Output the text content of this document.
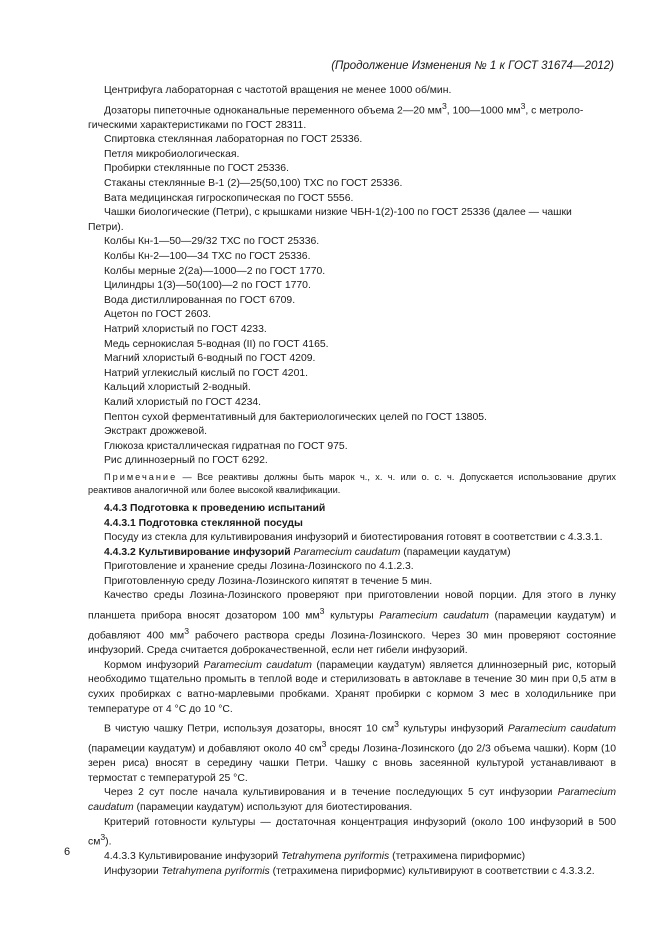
(Продолжение Изменения № 1 к ГОСТ 31674—2012)
Центрифуга лабораторная с частотой вращения не менее 1000 об/мин.
Дозаторы пипеточные одноканальные переменного объема 2—20 $мм^3$, 100—1000 $мм^3$, с метроло-
гическими характеристиками по ГОСТ 28311.
Спиртовка стеклянная лабораторная по ГОСТ 25336.
Петля микробиологическая.
Пробирки стеклянные по ГОСТ 25336.
Стаканы стеклянные В-1 (2)—25(50,100) ТХС по ГОСТ 25336.
Вата медицинская гигроскопическая по ГОСТ 5556.
Чашки биологические (Петри), с крышками низкие ЧБН-1(2)-100 по ГОСТ 25336 (далее — чашки
Петри).
Колбы Кн-1—50—29/32 ТХС по ГОСТ 25336.
Колбы Кн-2—100—34 ТХС по ГОСТ 25336.
Колбы мерные 2(2а)—1000—2 по ГОСТ 1770.
Цилиндры 1(3)—50(100)—2 по ГОСТ 1770.
Вода дистиллированная по ГОСТ 6709.
Ацетон по ГОСТ 2603.
Натрий хлористый по ГОСТ 4233.
Медь сернокислая 5-водная (II) по ГОСТ 4165.
Магний хлористый 6-водный по ГОСТ 4209.
Натрий углекислый кислый по ГОСТ 4201.
Кальций хлористый 2-водный.
Калий хлористый по ГОСТ 4234.
Пептон сухой ферментативный для бактериологических целей по ГОСТ 13805.
Экстракт дрожжевой.
Глюкоза кристаллическая гидратная по ГОСТ 975.
Рис длиннозерный по ГОСТ 6292.
Примечание — Все реактивы должны быть марок ч., х. ч. или о. с. ч. Допускается использование других реактивов аналогичной или более высокой квалификации.
4.4.3 Подготовка к проведению испытаний
4.4.3.1 Подготовка стеклянной посуды
Посуду из стекла для культивирования инфузорий и биотестирования готовят в соответствии с 4.3.3.1.
4.4.3.2 Культивирование инфузорий Paramecium caudatum (парамеции каудатум)
Приготовление и хранение среды Лозина-Лозинского по 4.1.2.3.
Приготовленную среду Лозина-Лозинского кипятят в течение 5 мин.
Качество среды Лозина-Лозинского проверяют при приготовлении новой порции. Для этого в лунку планшета прибора вносят дозатором 100 $мм^3$ культуры Paramecium caudatum (парамеции каудатум) и добавляют 400 $мм^3$ рабочего раствора среды Лозина-Лозинского. Через 30 мин проверяют состояние инфузорий. Среда считается доброкачественной, если нет гибели инфузорий.
Кормом инфузорий Paramecium caudatum (парамеции каудатум) является длиннозерный рис, который необходимо тщательно промыть в теплой воде и стерилизовать в автоклаве в течение 30 мин при 0,5 атм в сухих пробирках с ватно-марлевыми пробками. Хранят пробирки с кормом 3 мес в холодильнике при температуре от 4 °С до 10 °С.
В чистую чашку Петри, используя дозаторы, вносят 10 $см^3$ культуры инфузорий Paramecium caudatum (парамеции каудатум) и добавляют около 40 $см^3$ среды Лозина-Лозинского (до 2/3 объема чашки). Корм (10 зерен риса) вносят в середину чашки Петри. Чашку с вновь засеянной культурой устанавливают в термостат с температурой 25 °С.
Через 2 сут после начала культивирования и в течение последующих 5 сут инфузории Paramecium caudatum (парамеции каудатум) используют для биотестирования.
Критерий готовности культуры — достаточная концентрация инфузорий (около 100 инфузорий в 500 $см^3$).
4.4.3.3 Культивирование инфузорий Tetrahymena pyriformis (тетрахимена пириформис)
Инфузории Tetrahymena pyriformis (тетрахимена пириформис) культивируют в соответствии с 4.3.3.2.
6
